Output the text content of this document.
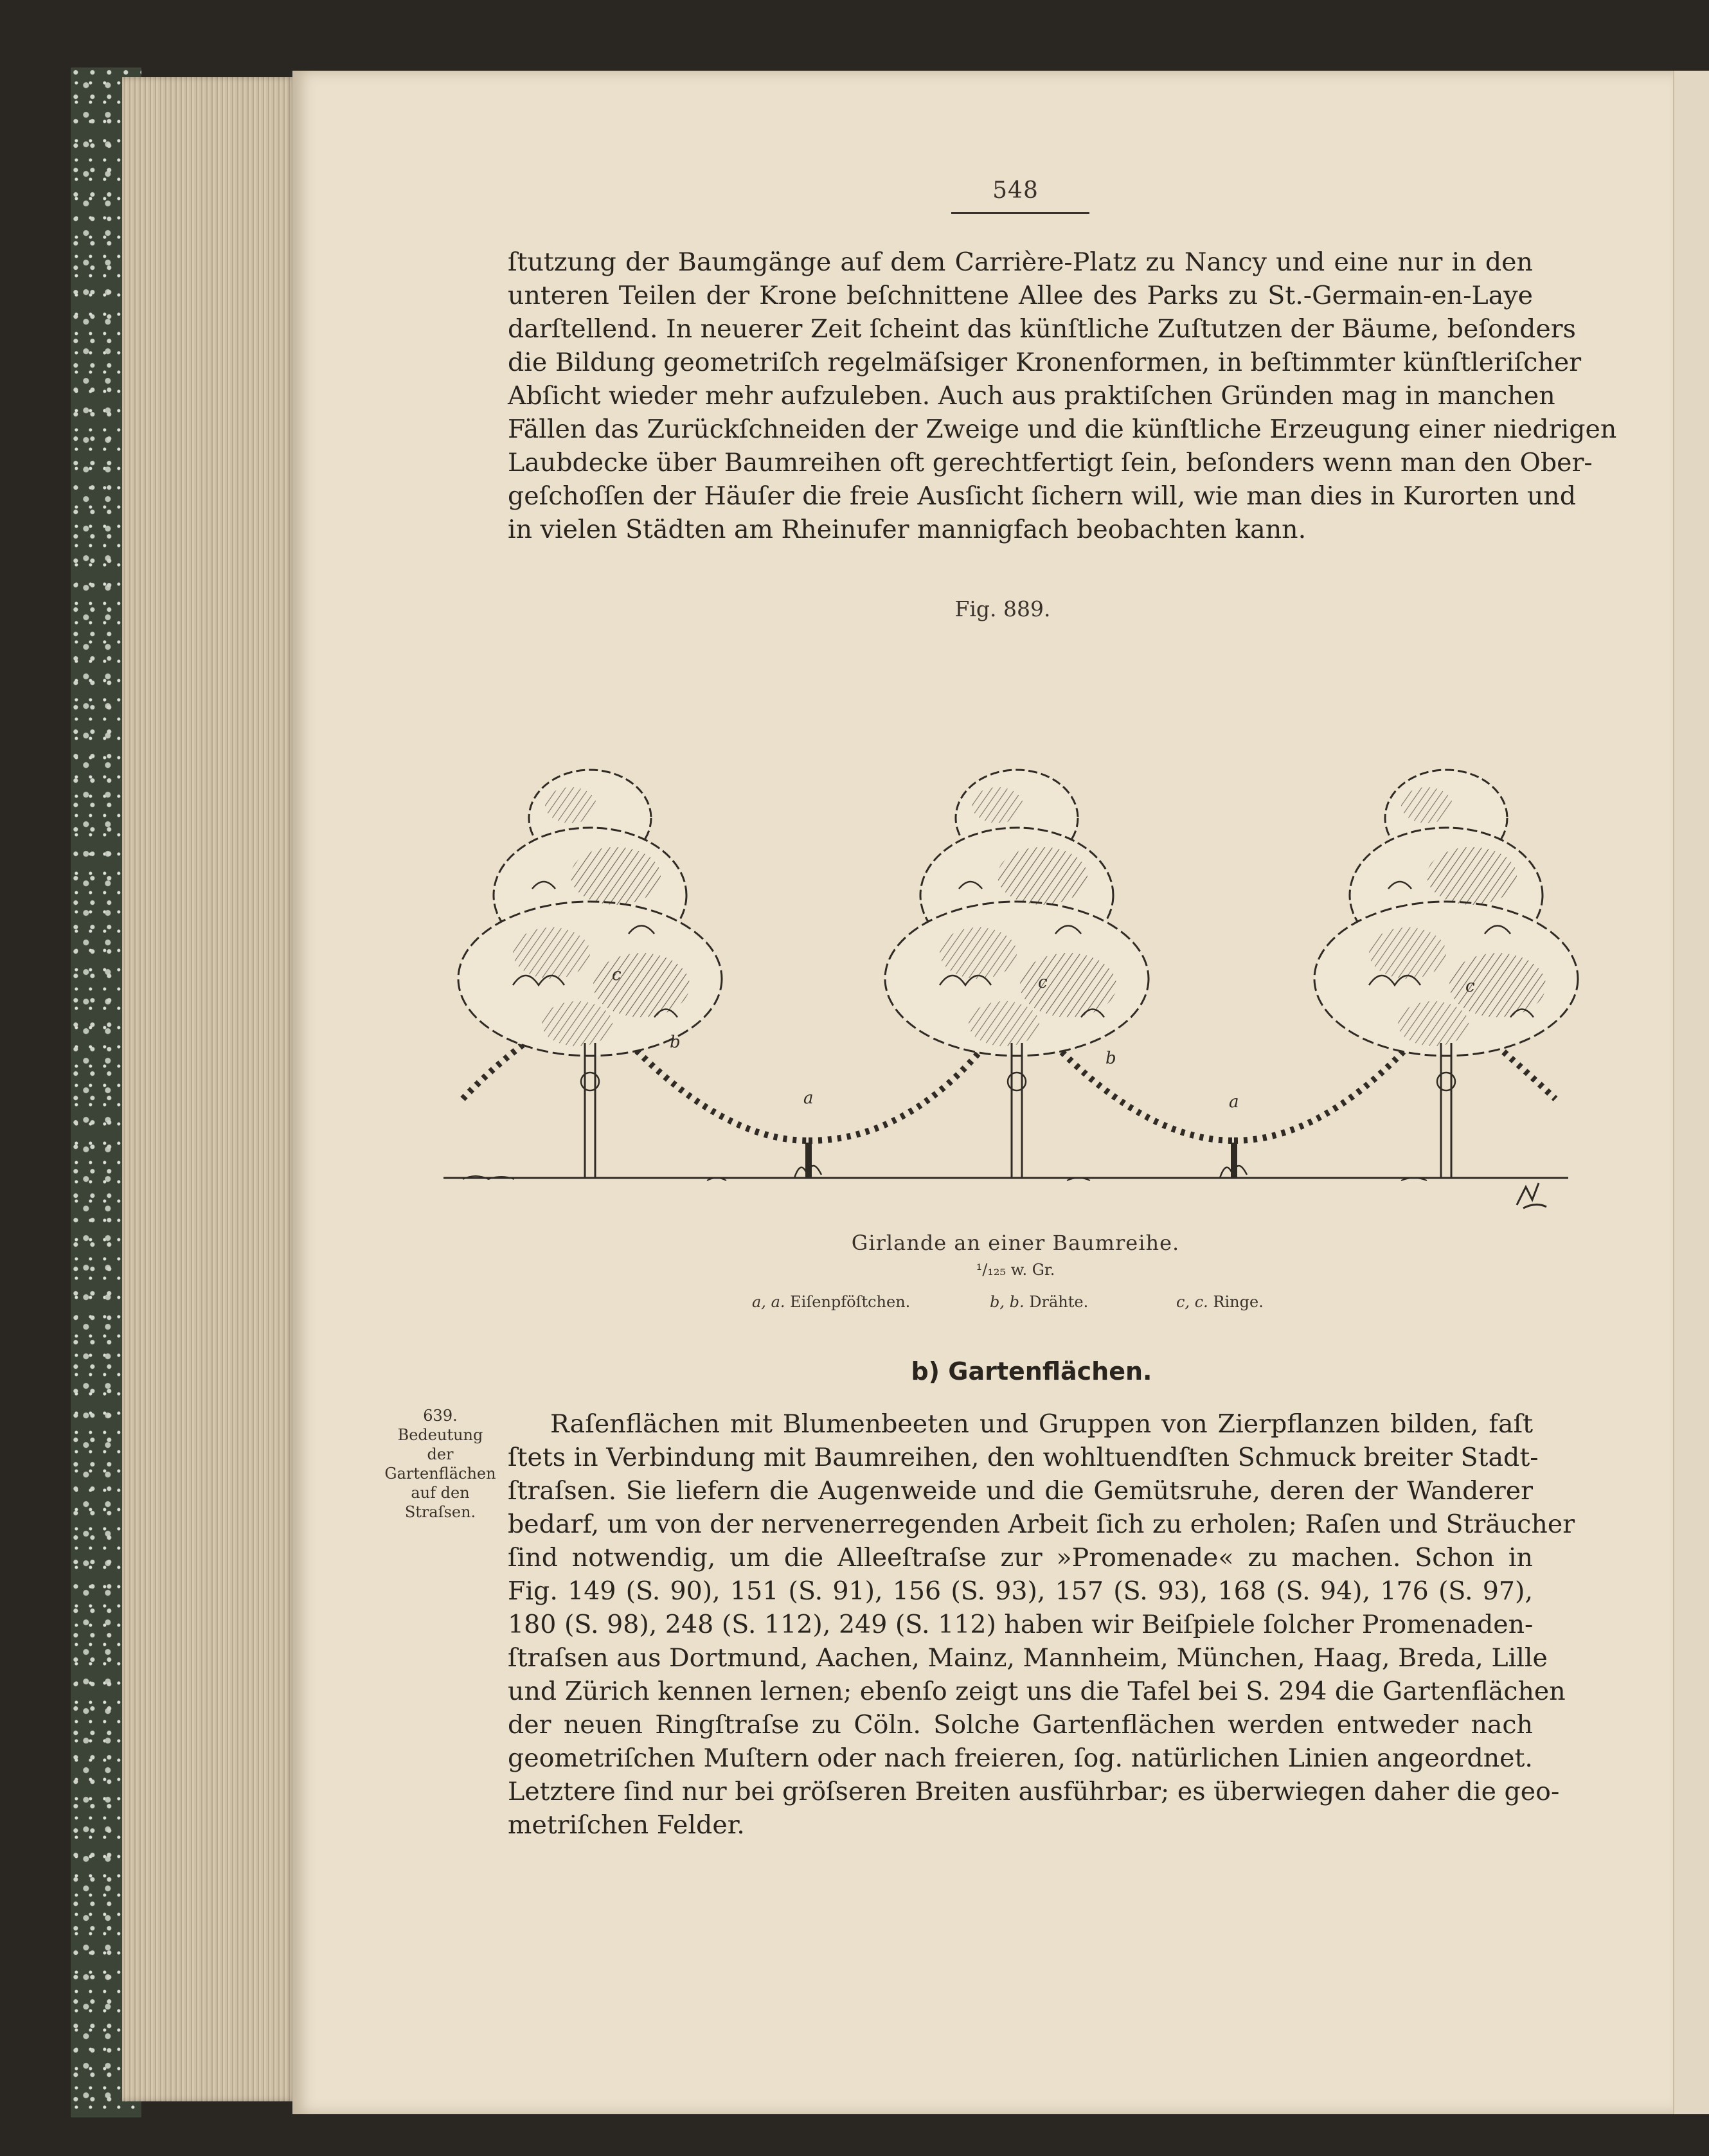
548
ſtutzung der Baumgänge auf dem Carrière-Platz zu Nancy und eine nur in den
unteren Teilen der Krone beſchnittene Allee des Parks zu St.-Germain-en-Laye
darſtellend. In neuerer Zeit ſcheint das künſtliche Zuſtutzen der Bäume, beſonders
die Bildung geometriſch regelmäſsiger Kronenformen, in beſtimmter künſtleriſcher
Abſicht wieder mehr aufzuleben. Auch aus praktiſchen Gründen mag in manchen
Fällen das Zurückſchneiden der Zweige und die künſtliche Erzeugung einer niedrigen
Laubdecke über Baumreihen oft gerechtfertigt ſein, beſonders wenn man den Ober-
geſchoſſen der Häuſer die freie Ausſicht ſichern will, wie man dies in Kurorten und
in vielen Städten am Rheinufer mannigfach beobachten kann.
Fig. 889.
a	a
b
b
c	c	c
Girlande an einer Baumreihe.
¹/₁₂₅ w. Gr.
a, a. Eiſenpföſtchen.	b, b. Drähte.	c, c. Ringe.
b) Gartenflächen.
639.
Bedeutung
der
Gartenflächen
auf den
Straſsen.
Raſenflächen mit Blumenbeeten und Gruppen von Zierpflanzen bilden, faſt
ſtets in Verbindung mit Baumreihen, den wohltuendſten Schmuck breiter Stadt-
ſtraſsen. Sie liefern die Augenweide und die Gemütsruhe, deren der Wanderer
bedarf, um von der nervenerregenden Arbeit ſich zu erholen; Raſen und Sträucher
ſind notwendig, um die Alleeſtraſse zur »Promenade« zu machen. Schon in
Fig. 149 (S. 90), 151 (S. 91), 156 (S. 93), 157 (S. 93), 168 (S. 94), 176 (S. 97),
180 (S. 98), 248 (S. 112), 249 (S. 112) haben wir Beiſpiele ſolcher Promenaden-
ſtraſsen aus Dortmund, Aachen, Mainz, Mannheim, München, Haag, Breda, Lille
und Zürich kennen lernen; ebenſo zeigt uns die Tafel bei S. 294 die Gartenflächen
der neuen Ringſtraſse zu Cöln. Solche Gartenflächen werden entweder nach
geometriſchen Muſtern oder nach freieren, ſog. natürlichen Linien angeordnet.
Letztere ſind nur bei gröſseren Breiten ausführbar; es überwiegen daher die geo-
metriſchen Felder.
